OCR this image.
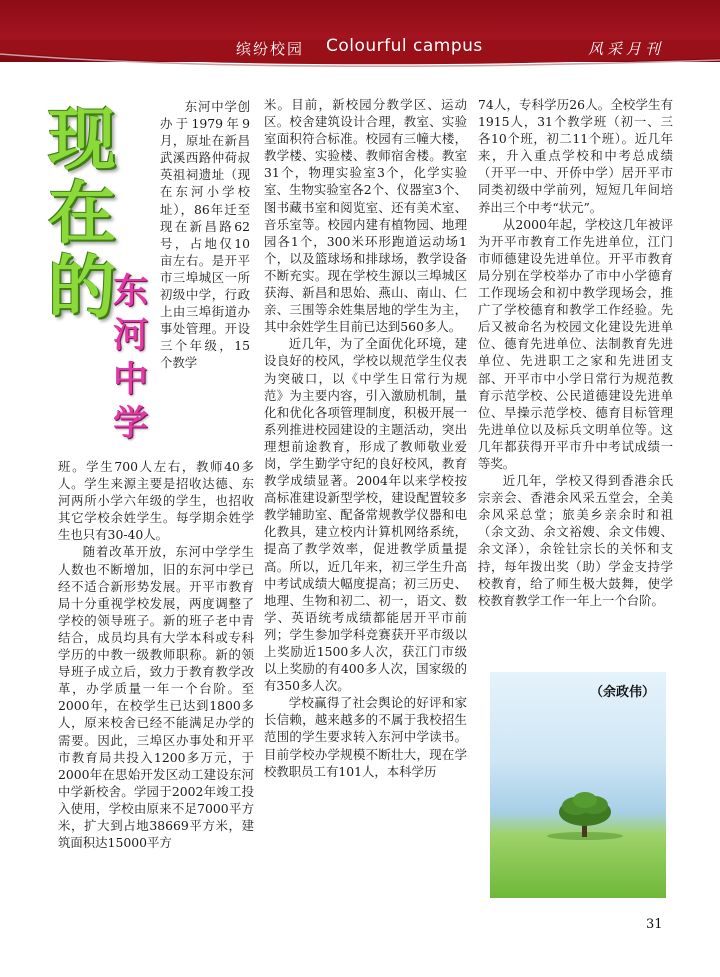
缤纷校园 Colourful campus	风采月刊
现
在
的
东
河
中
学

东河中学创办于1979年9月，原址在新昌武溪西路仲荷叔英祖祠遗址（现在东河小学校址），86年迁至现在新昌路62号，占地仅10亩左右。是开平市三埠城区一所初级中学，行政上由三埠街道办事处管理。开设三个年级，15个教学

班。学生700人左右，教师40多人。学生来源主要是招收达德、东河两所小学六年级的学生，也招收其它学校余姓学生。每学期余姓学生也只有30-40人。

随着改革开放，东河中学学生人数也不断增加，旧的东河中学已经不适合新形势发展。开平市教育局十分重视学校发展，两度调整了学校的领导班子。新的班子老中青结合，成员均具有大学本科或专科学历的中教一级教师职称。新的领导班子成立后，致力于教育教学改革，办学质量一年一个台阶。至2000年，在校学生已达到1800多人，原来校舍已经不能满足办学的需要。因此，三埠区办事处和开平市教育局共投入1200多万元，于2000年在思始开发区动工建设东河中学新校舍。学园于2002年竣工投入使用，学校由原来不足7000平方米，扩大到占地38669平方米，建筑面积达15000平方

米。目前，新校园分教学区、运动区。校舍建筑设计合理，教室、实验室面积符合标准。校园有三幢大楼，教学楼、实验楼、教师宿舍楼。教室31个，物理实验室3个，化学实验室、生物实验室各2个、仪器室3个、图书藏书室和阅览室、还有美术室、音乐室等。校园内建有植物园、地理园各1个，300米环形跑道运动场1个，以及篮球场和排球场，教学设备不断充实。现在学校生源以三埠城区获海、新昌和思始、燕山、南山、仁亲、三围等余姓集居地的学生为主，其中余姓学生目前已达到560多人。

近几年，为了全面优化环境，建设良好的校风，学校以规范学生仪表为突破口，以《中学生日常行为规范》为主要内容，引入激励机制，量化和优化各项管理制度，积极开展一系列推进校园建设的主题活动，突出理想前途教育，形成了教师敬业爱岗，学生勤学守纪的良好校风，教育教学成绩显著。2004年以来学校按高标准建设新型学校，建设配置较多教学辅助室、配备常规教学仪器和电化教具，建立校内计算机网络系统，提高了教学效率，促进教学质量提高。所以，近几年来，初三学生升高中考试成绩大幅度提高；初三历史、地理、生物和初二、初一，语文、数学、英语统考成绩都能居开平市前列；学生参加学科竞赛获开平市级以上奖励近1500多人次，获江门市级以上奖励的有400多人次，国家级的有350多人次。

学校赢得了社会舆论的好评和家长信赖，越来越多的不属于我校招生范围的学生要求转入东河中学读书。目前学校办学规模不断壮大，现在学校教职员工有101人，本科学历

74人，专科学历26人。全校学生有1915人，31个教学班（初一、三各10个班，初二11个班）。近几年来，升入重点学校和中考总成绩（开平一中、开侨中学）居开平市同类初级中学前列，短短几年间培养出三个中考“状元”。

从2000年起，学校这几年被评为开平市教育工作先进单位，江门市师德建设先进单位。开平市教育局分别在学校举办了市中小学德育工作现场会和初中教学现场会，推广了学校德育和教学工作经验。先后又被命名为校园文化建设先进单位、德育先进单位、法制教育先进单位、先进职工之家和先进团支部、开平市中小学日常行为规范教育示范学校、公民道德建设先进单位、旱操示范学校、德育目标管理先进单位以及标兵文明单位等。这几年都获得开平市升中考试成绩一等奖。

近几年，学校又得到香港余氏宗亲会、香港余风采五堂会，全美余风采总堂；旅美乡亲余时和祖（余文劲、余文裕嫂、余文伟嫂、余文泽），余铨钍宗长的关怀和支持，每年拨出奖（助）学金支持学校教育，给了师生极大鼓舞，使学校教育教学工作一年上一个台阶。

（余政伟）
31
